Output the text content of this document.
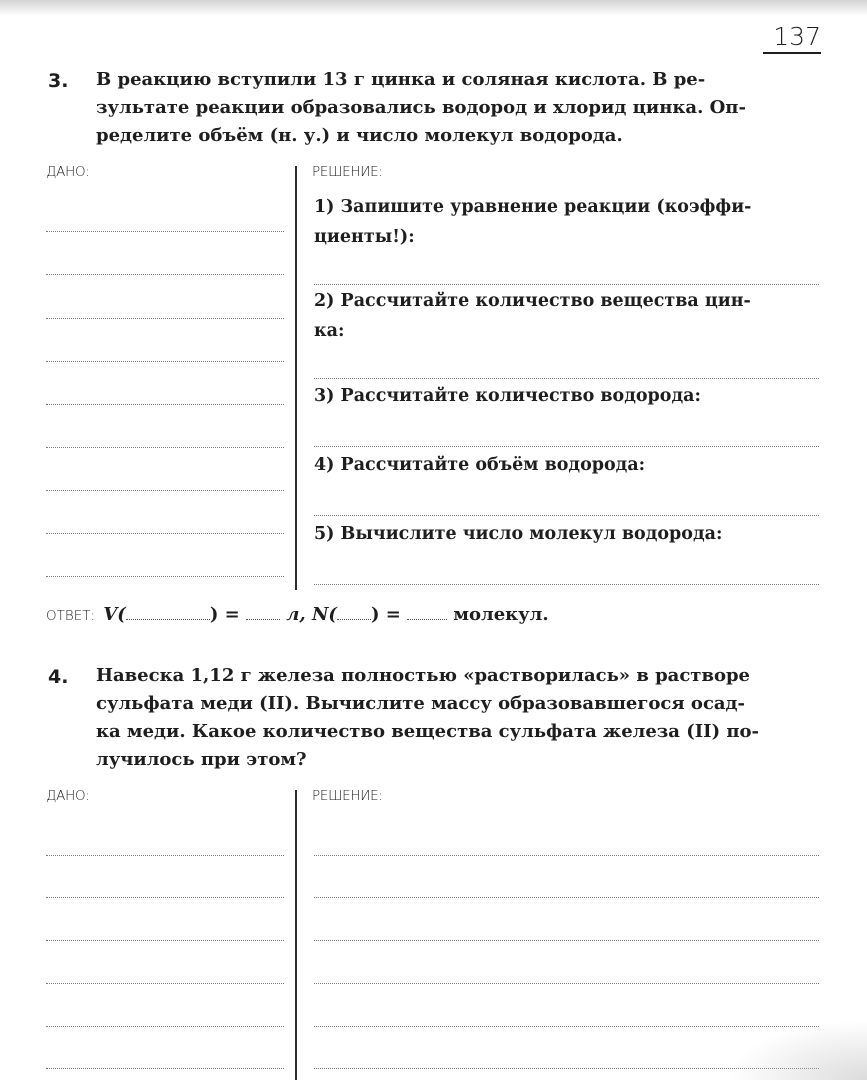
137
3. В реакцию вступили 13 г цинка и соляная кислота. В ре-
зультате реакции образовались водород и хлорид цинка. Оп-
ределите объём (н. у.) и число молекул водорода.
ДАНО:	РЕШЕНИЕ:
1) Запишите уравнение реакции (коэффи-
циенты!):
2) Рассчитайте количество вещества цин-
ка:
3) Рассчитайте количество водорода:
4) Рассчитайте объём водорода:
5) Вычислите число молекул водорода:
ОТВЕТ: V(	) =  л, N( ) =  молекул.
4. Навеска 1,12 г железа полностью «растворилась» в растворе
сульфата меди (II). Вычислите массу образовавшегося осад-
ка меди. Какое количество вещества сульфата железа (II) по-
лучилось при этом?
ДАНО:	РЕШЕНИЕ:
